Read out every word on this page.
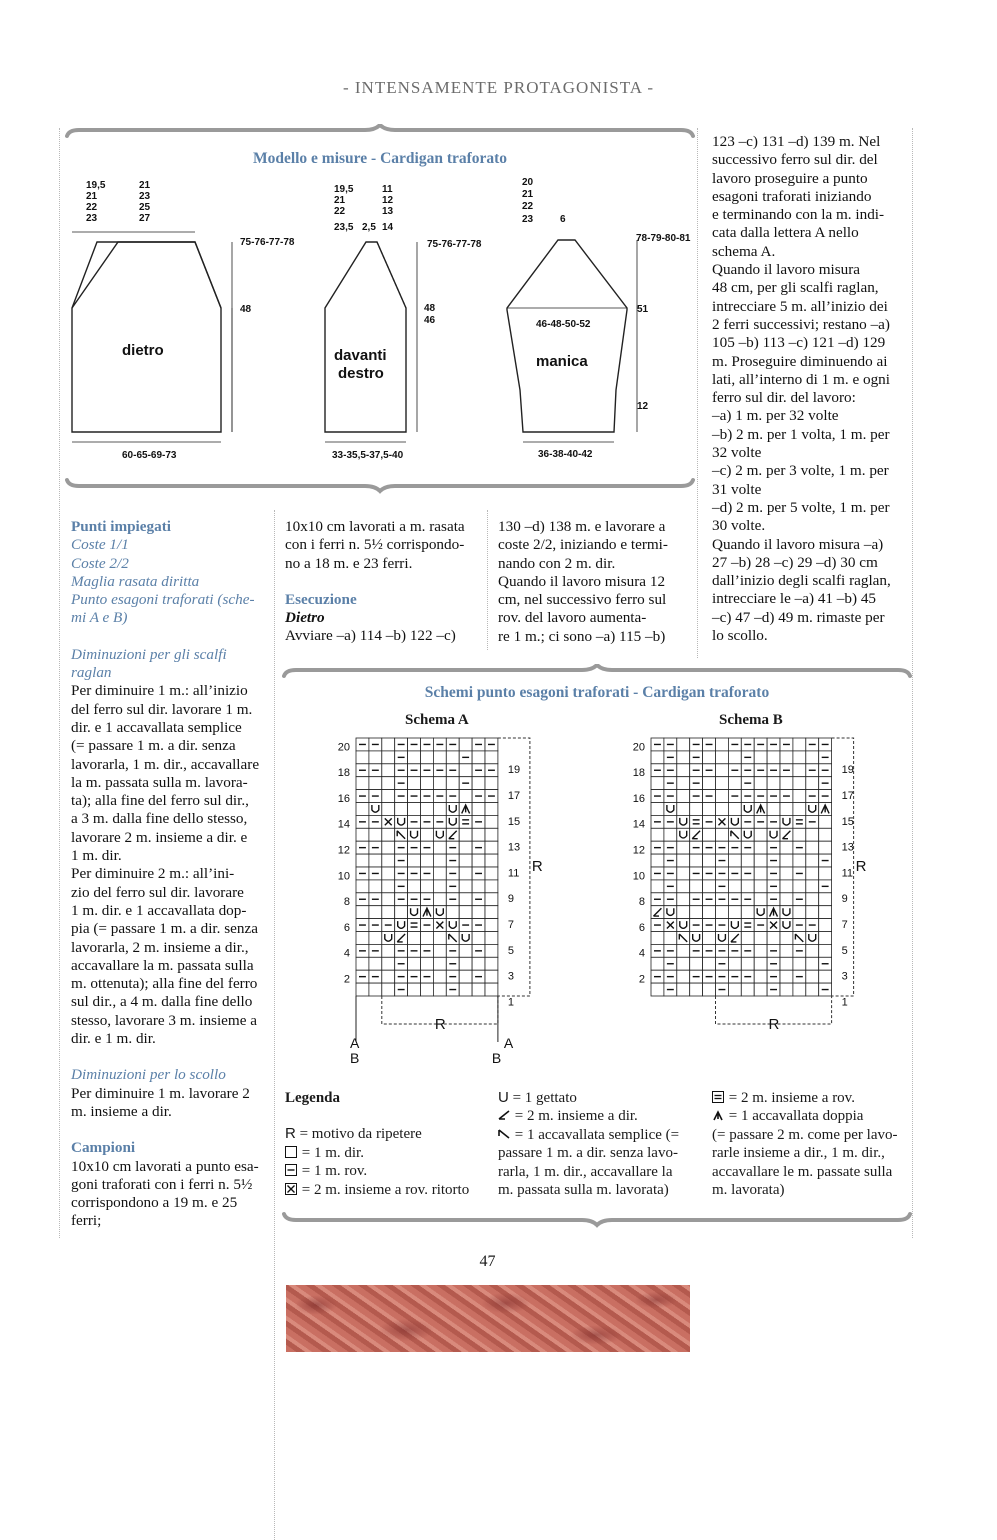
- INTENSAMENTE PROTAGONISTA -
Modello e misure - Cardigan traforato
19,5
21
22
23
21
23
25
27
75-76-77-78
48
60-65-69-73
dietro
19,5
21
22
23,5 2,5
11
12
13
14
75-76-77-78
48
46
33-35,5-37,5-40
davanti
destro
20
21
22
23	6
78-79-80-81
51
12
46-48-50-52
36-38-40-42
manica

Punti impiegati

Coste 1/1

Coste 2/2

Maglia rasata diritta

Punto esagoni traforati (sche-

mi A e B)

Diminuzioni per gli scalfi

raglan

Per diminuire 1 m.: all’inizio

del ferro sul dir. lavorare 1 m.

dir. e 1 accavallata semplice

(= passare 1 m. a dir. senza

lavorarla, 1 m. dir., accavallare

la m. passata sulla m. lavora-

ta); alla fine del ferro sul dir.,

a 3 m. dalla fine dello stesso,

lavorare 2 m. insieme a dir. e

1 m. dir.

Per diminuire 2 m.: all’ini-

zio del ferro sul dir. lavorare

1 m. dir. e 1 accavallata dop-

pia (= passare 1 m. a dir. senza

lavorarla, 2 m. insieme a dir.,

accavallare la m. passata sulla

m. ottenuta); alla fine del ferro

sul dir., a 4 m. dalla fine dello

stesso, lavorare 3 m. insieme a

dir. e 1 m. dir.

Diminuzioni per lo scollo

Per diminuire 1 m. lavorare 2

m. insieme a dir.

Campioni

10x10 cm lavorati a punto esa-

goni traforati con i ferri n. 5½

corrispondono a 19 m. e 25

ferri;

10x10 cm lavorati a m. rasata

con i ferri n. 5½ corrispondo-

no a 18 m. e 23 ferri.

Esecuzione

Dietro

Avviare –a) 114 –b) 122 –c)

130 –d) 138 m. e lavorare a

coste 2/2, iniziando e termi-

nando con 2 m. dir.

Quando il lavoro misura 12

cm, nel successivo ferro sul

rov. del lavoro aumenta-

re 1 m.; ci sono –a) 115 –b)

123 –c) 131 –d) 139 m. Nel

successivo ferro sul dir. del

lavoro proseguire a punto

esagoni traforati iniziando

e terminando con la m. indi-

cata dalla lettera A nello

schema A.

Quando il lavoro misura

48 cm, per gli scalfi raglan,

intrecciare 5 m. all’inizio dei

2 ferri successivi; restano –a)

105 –b) 113 –c) 121 –d) 129

m. Proseguire diminuendo ai

lati, all’interno di 1 m. e ogni

ferro sul dir. del lavoro:

–a) 1 m. per 32 volte

–b) 2 m. per 1 volta, 1 m. per

32 volte

–c) 2 m. per 3 volte, 1 m. per

31 volte

–d) 2 m. per 5 volte, 1 m. per

30 volte.

Quando il lavoro misura –a)

27 –b) 28 –c) 29 –d) 30 cm

dall’inizio degli scalfi raglan,

intrecciare le –a) 41 –b) 45

–c) 47 –d) 49 m. rimaste per

lo scollo.

Schemi punto esagoni traforati - Cardigan traforato
Schema A	Schema B
20
18
16
14
12
10
8
6
4
2
19
17
15
13
11
9
7
5
3
1
R
R
A
B
A
B
20
18
16
14
12
10
8
6
4
2
19
17
15
13
11
9
7
5
3
1
R
R

Legenda

R = motivo da ripetere

= 1 m. dir.

= 1 m. rov.

= 2 m. insieme a rov. ritorto

U = 1 gettato

= 2 m. insieme a dir.

= 1 accavallata semplice (=

passare 1 m. a dir. senza lavo-

rarla, 1 m. dir., accavallare la

m. passata sulla m. lavorata)

= 2 m. insieme a rov.

= 1 accavallata doppia

(= passare 2 m. come per lavo-

rarle insieme a dir., 1 m. dir.,

accavallare le m. passate sulla

m. lavorata)

47
